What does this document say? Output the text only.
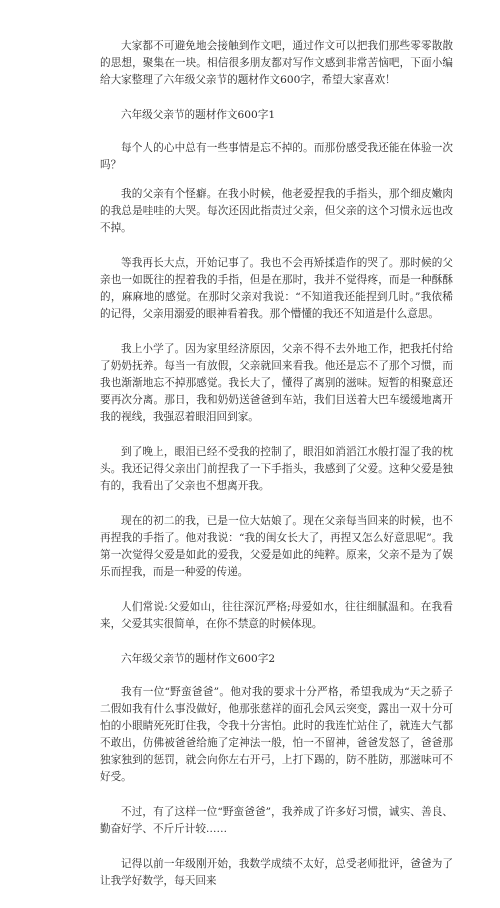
大家都不可避免地会接触到作文吧，通过作文可以把我们那些零零散散的思想，聚集在一块。相信很多朋友都对写作文感到非常苦恼吧，下面小编给大家整理了六年级父亲节的题材作文600字，希望大家喜欢！

六年级父亲节的题材作文600字1

每个人的心中总有一些事情是忘不掉的。而那份感受我还能在体验一次吗？

我的父亲有个怪癖。在我小时候，他老爱捏我的手指头，那个细皮嫩肉的我总是哇哇的大哭。每次还因此指责过父亲，但父亲的这个习惯永远也改不掉。

等我再长大点，开始记事了。我也不会再矫揉造作的哭了。那时候的父亲也一如既往的捏着我的手指，但是在那时，我并不觉得疼，而是一种酥酥的，麻麻地的感觉。在那时父亲对我说：“不知道我还能捏到几时。”我依稀的记得，父亲用溺爱的眼神看着我。那个懵懂的我还不知道是什么意思。

我上小学了。因为家里经济原因，父亲不得不去外地工作，把我托付给了奶奶抚养。每当一有放假，父亲就回来看我。他还是忘不了那个习惯，而我也渐渐地忘不掉那感觉。我长大了，懂得了离别的滋味。短暂的相聚意还要再次分离。那日，我和奶奶送爸爸到车站，我们目送着大巴车缓缓地离开我的视线，我强忍着眼泪回到家。

到了晚上，眼泪已经不受我的控制了，眼泪如消滔江水般打湿了我的枕头。我还记得父亲出门前捏我了一下手指头，我感到了父爱。这种父爱是独有的，我看出了父亲也不想离开我。

现在的初二的我，已是一位大姑娘了。现在父亲每当回来的时候，也不再捏我的手指了。他对我说：“我的闺女长大了，再捏又怎么好意思呢”。我第一次觉得父爱是如此的爱我，父爱是如此的纯粹。原来，父亲不是为了娱乐而捏我，而是一种爱的传递。

人们常说:父爱如山，往往深沉严格;母爱如水，往往细腻温和。在我看来，父爱其实很简单，在你不禁意的时候体现。

六年级父亲节的题材作文600字2

我有一位“野蛮爸爸”。他对我的要求十分严格，希望我成为“天之骄子二假如我有什么事没做好，他那张慈祥的面孔会风云突变，露出一双十分可怕的小眼睛死死盯住我，令我十分害怕。此时的我连忙站住了，就连大气都不敢出，仿佛被爸爸给施了定神法一般，怕一不留神，爸爸发怒了，爸爸那独家独到的惩罚，就会向你左右开弓，上打下踢的，防不胜防，那滋味可不好受。

不过，有了这样一位“野蛮爸爸”，我养成了许多好习惯，诚实、善良、勤奋好学、不斤斤计较……

记得以前一年级刚开始，我数学成绩不太好，总受老师批评，爸爸为了让我学好数学，每天回来
